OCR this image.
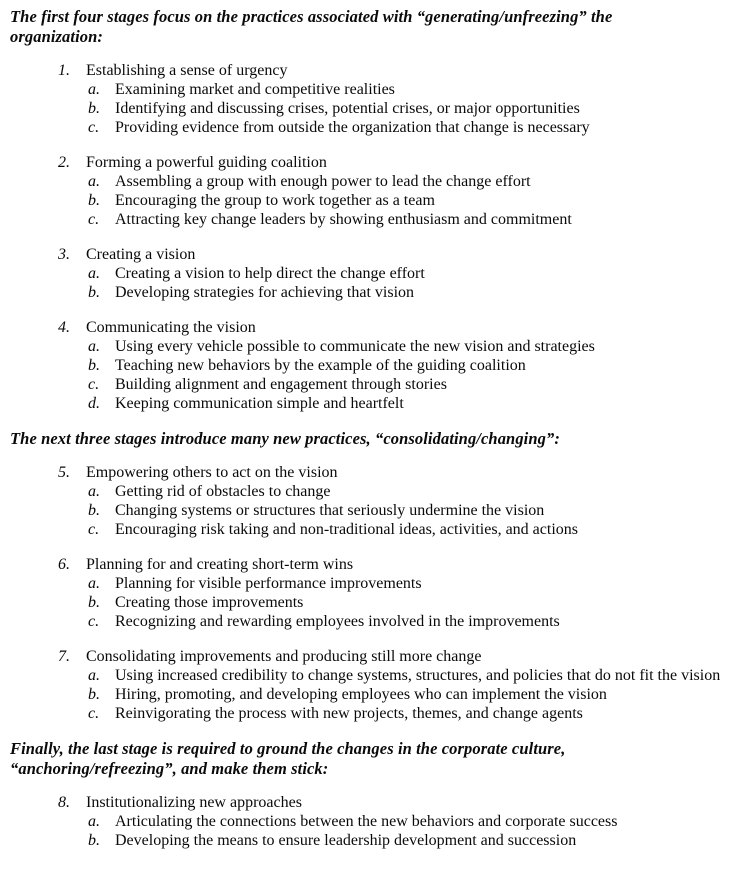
The first four stages focus on the practices associated with “generating/unfreezing” the
organization:
1.	Establishing a sense of urgency
a. Examining market and competitive realities
b. Identifying and discussing crises, potential crises, or major opportunities
c. Providing evidence from outside the organization that change is necessary
2.	Forming a powerful guiding coalition
a. Assembling a group with enough power to lead the change effort
b. Encouraging the group to work together as a team
c. Attracting key change leaders by showing enthusiasm and commitment
3.	Creating a vision
a. Creating a vision to help direct the change effort
b. Developing strategies for achieving that vision
4.	Communicating the vision
a. Using every vehicle possible to communicate the new vision and strategies
b. Teaching new behaviors by the example of the guiding coalition
c. Building alignment and engagement through stories
d. Keeping communication simple and heartfelt
The next three stages introduce many new practices, “consolidating/changing”:
5.	Empowering others to act on the vision
a. Getting rid of obstacles to change
b. Changing systems or structures that seriously undermine the vision
c. Encouraging risk taking and non-traditional ideas, activities, and actions
6.	Planning for and creating short-term wins
a. Planning for visible performance improvements
b. Creating those improvements
c. Recognizing and rewarding employees involved in the improvements
7.	Consolidating improvements and producing still more change
a. Using increased credibility to change systems, structures, and policies that do not fit the vision
b. Hiring, promoting, and developing employees who can implement the vision
c. Reinvigorating the process with new projects, themes, and change agents
Finally, the last stage is required to ground the changes in the corporate culture,
“anchoring/refreezing”, and make them stick:
8.	Institutionalizing new approaches
a. Articulating the connections between the new behaviors and corporate success
b. Developing the means to ensure leadership development and succession
